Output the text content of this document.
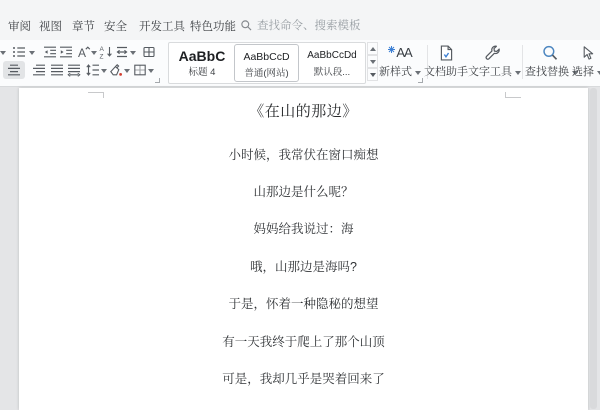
审阅 视图 章节 安全 开发工具 特色功能 查找命令、搜索模板
A A
Z	AaBbC
标题 4
AaBbCcD
普通(网站)
AaBbCcDd
默认段...
AA
新样式	文档助手 文字工具	查找替换 选择
《在山的那边》
小时候，我常伏在窗口痴想
山那边是什么呢？
妈妈给我说过：海
哦，山那边是海吗?
于是，怀着一种隐秘的想望
有一天我终于爬上了那个山顶
可是，我却几乎是哭着回来了
